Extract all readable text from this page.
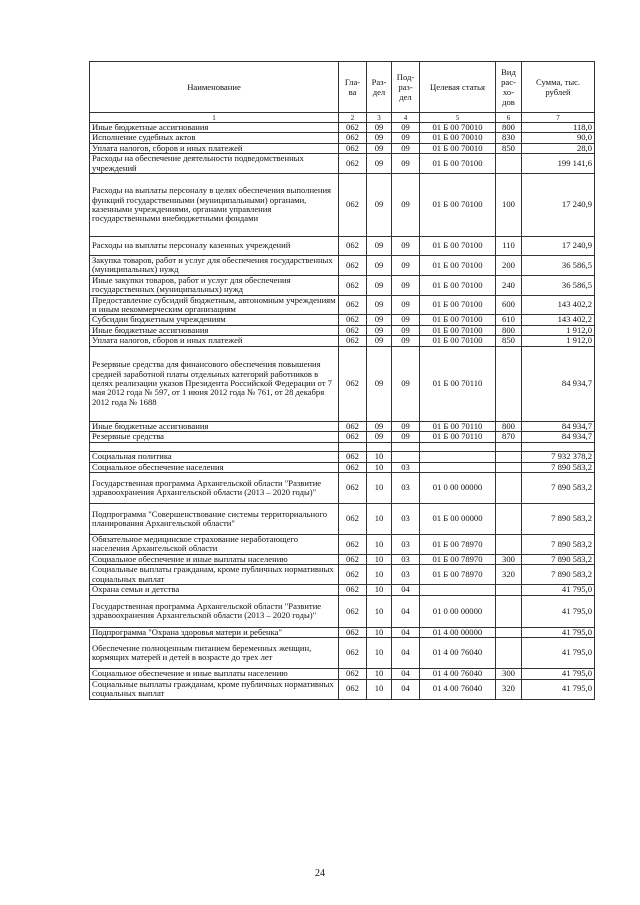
Наименование	Гла-ва	Раз-дел	Под-раз-дел	Целевая статья	Вид рас-хо-дов	Сумма, тыс. рублей
1	2	3	4	5	6	7
Иные бюджетные ассигнования	062	09	09	01 Б 00 70010	800	118,0
Исполнение судебных актов	062	09	09	01 Б 00 70010	830	90,0
Уплата налогов, сборов и иных платежей	062	09	09	01 Б 00 70010	850	28,0
Расходы на обеспечение деятельности подведомственных учреждений	062	09	09	01 Б 00 70100		199 141,6
Расходы на выплаты персоналу в целях обеспечения выполнения функций государственными (муниципальными) органами, казенными учреждениями, органами управления государственными внебюджетными фондами	062	09	09	01 Б 00 70100	100	17 240,9
Расходы на выплаты персоналу казенных учреждений	062	09	09	01 Б 00 70100	110	17 240,9
Закупка товаров, работ и услуг для обеспечения государственных (муниципальных) нужд	062	09	09	01 Б 00 70100	200	36 586,5
Иные закупки товаров, работ и услуг для обеспечения государственных (муниципальных) нужд	062	09	09	01 Б 00 70100	240	36 586,5
Предоставление субсидий бюджетным, автономным учреждениям и иным некоммерческим организациям	062	09	09	01 Б 00 70100	600	143 402,2
Субсидии бюджетным учреждениям	062	09	09	01 Б 00 70100	610	143 402,2
Иные бюджетные ассигнования	062	09	09	01 Б 00 70100	800	1 912,0
Уплата налогов, сборов и иных платежей	062	09	09	01 Б 00 70100	850	1 912,0
Резервные средства для финансового обеспечения повышения средней заработной платы отдельных категорий работников в целях реализации указов Президента Российской Федерации от 7 мая 2012 года № 597, от 1 июня 2012 года № 761, от 28 декабря 2012 года № 1688	062	09	09	01 Б 00 70110		84 934,7
Иные бюджетные ассигнования	062	09	09	01 Б 00 70110	800	84 934,7
Резервные средства	062	09	09	01 Б 00 70110	870	84 934,7

Социальная политика	062	10				7 932 378,2
Социальное обеспечение населения	062	10	03			7 890 583,2
Государственная программа Архангельской области "Развитие здравоохранения Архангельской области (2013 – 2020 годы)"	062	10	03	01 0 00 00000		7 890 583,2
Подпрограмма "Совершенствование системы территориального планирования Архангельской области"	062	10	03	01 Б 00 00000		7 890 583,2
Обязательное медицинское страхование неработающего населения Архангельской области	062	10	03	01 Б 00 78970		7 890 583,2
Социальное обеспечение и иные выплаты населению	062	10	03	01 Б 00 78970	300	7 890 583,2
Социальные выплаты гражданам, кроме публичных нормативных социальных выплат	062	10	03	01 Б 00 78970	320	7 890 583,2
Охрана семьи и детства	062	10	04			41 795,0
Государственная программа Архангельской области "Развитие здравоохранения Архангельской области (2013 – 2020 годы)"	062	10	04	01 0 00 00000		41 795,0
Подпрограмма "Охрана здоровья матери и ребенка"	062	10	04	01 4 00 00000		41 795,0
Обеспечение полноценным питанием беременных женщин, кормящих матерей и детей в возрасте до трех лет	062	10	04	01 4 00 76040		41 795,0
Социальное обеспечение и иные выплаты населению	062	10	04	01 4 00 76040	300	41 795,0
Социальные выплаты гражданам, кроме публичных нормативных социальных выплат	062	10	04	01 4 00 76040	320	41 795,0
24
